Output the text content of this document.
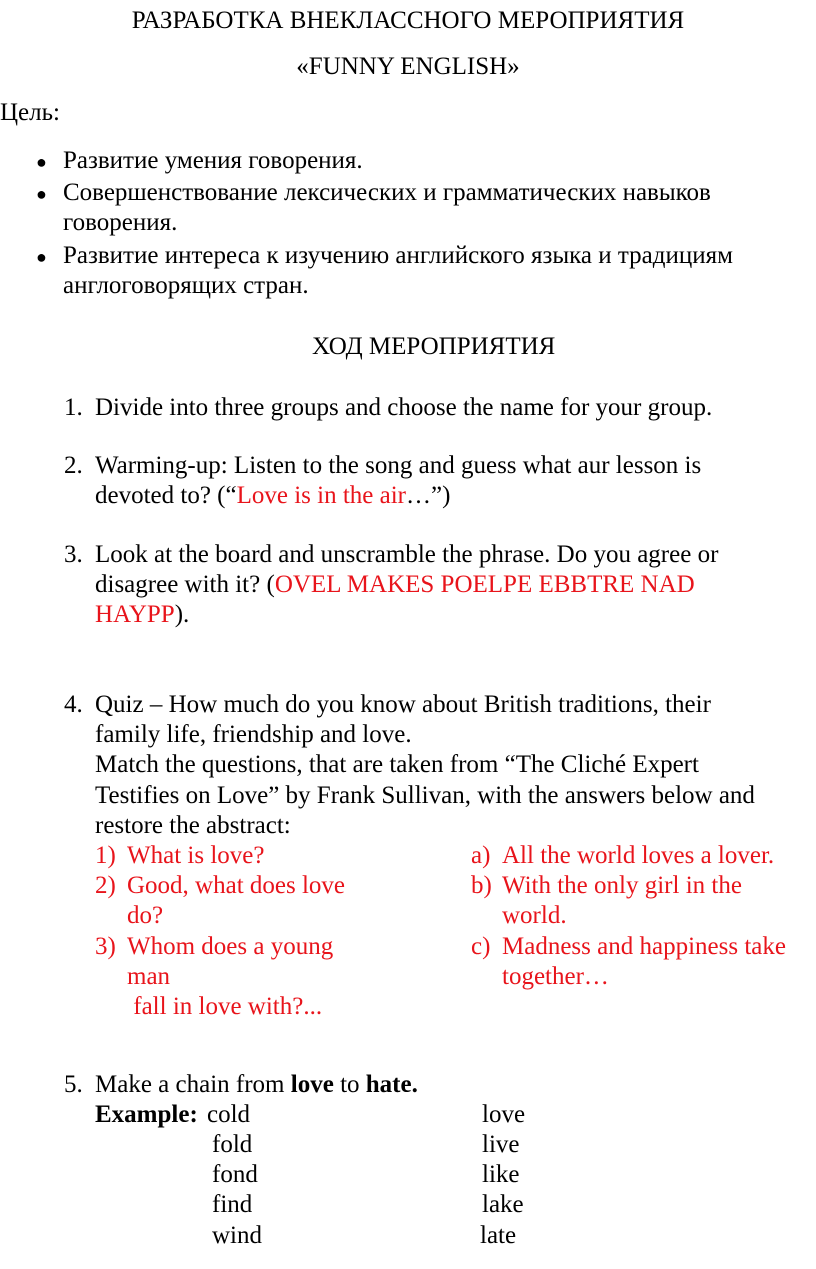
РАЗРАБОТКА ВНЕКЛАССНОГО МЕРОПРИЯТИЯ
«FUNNY ENGLISH»
Цель:
● Развитие умения говорения.
● Совершенствование лексических и грамматических навыков
говорения.
● Развитие интереса к изучению английского языка и традициям
англоговорящих стран.
ХОД МЕРОПРИЯТИЯ
1. Divide into three groups and choose the name for your group.
2. Warming-up: Listen to the song and guess what aur lesson is
devoted to? (“Love is in the air…”)
3. Look at the board and unscramble the phrase. Do you agree or
disagree with it? (OVEL MAKES POELPE EBBTRE NAD
HAYPP).
4. Quiz – How much do you know about British traditions, their
family life, friendship and love.
Match the questions, that are taken from “The Cliché Expert
Testifies on Love” by Frank Sullivan, with the answers below and
restore the abstract:
1) What is love?
2) Good, what does love
do?
3) Whom does a young
man
fall in love with?...
a) All the world loves a lover.
b) With the only girl in the
world.
c) Madness and happiness take
together…
5. Make a chain from love to hate.
Example: cold
fold
fond
find
wind
love
live
like
lake
late
